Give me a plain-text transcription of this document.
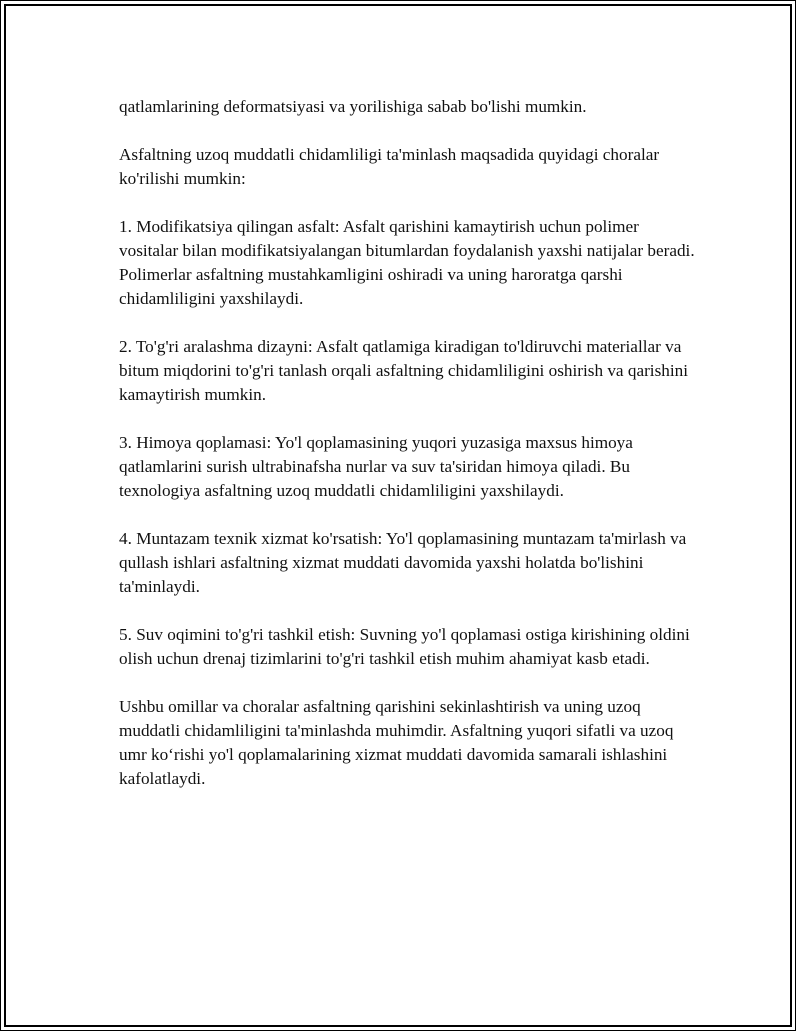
qatlamlarining deformatsiyasi va yorilishiga sabab bo'lishi mumkin.

Asfaltning uzoq muddatli chidamliligi ta'minlash maqsadida quyidagi choralar ko'rilishi mumkin:

1. Modifikatsiya qilingan asfalt: Asfalt qarishini kamaytirish uchun polimer vositalar bilan modifikatsiyalangan bitumlardan foydalanish yaxshi natijalar beradi. Polimerlar asfaltning mustahkamligini oshiradi va uning haroratga qarshi chidamliligini yaxshilaydi.

2. To'g'ri aralashma dizayni: Asfalt qatlamiga kiradigan to'ldiruvchi materiallar va bitum miqdorini to'g'ri tanlash orqali asfaltning chidamliligini oshirish va qarishini kamaytirish mumkin.

3. Himoya qoplamasi: Yo'l qoplamasining yuqori yuzasiga maxsus himoya qatlamlarini surish ultrabinafsha nurlar va suv ta'siridan himoya qiladi. Bu texnologiya asfaltning uzoq muddatli chidamliligini yaxshilaydi.

4. Muntazam texnik xizmat ko'rsatish: Yo'l qoplamasining muntazam ta'mirlash va qullash ishlari asfaltning xizmat muddati davomida yaxshi holatda bo'lishini ta'minlaydi.

5. Suv oqimini to'g'ri tashkil etish: Suvning yo'l qoplamasi ostiga kirishining oldini olish uchun drenaj tizimlarini to'g'ri tashkil etish muhim ahamiyat kasb etadi.

Ushbu omillar va choralar asfaltning qarishini sekinlashtirish va uning uzoq muddatli chidamliligini ta'minlashda muhimdir. Asfaltning yuqori sifatli va uzoq umr ko‘rishi yo'l qoplamalarining xizmat muddati davomida samarali ishlashini kafolatlaydi.
